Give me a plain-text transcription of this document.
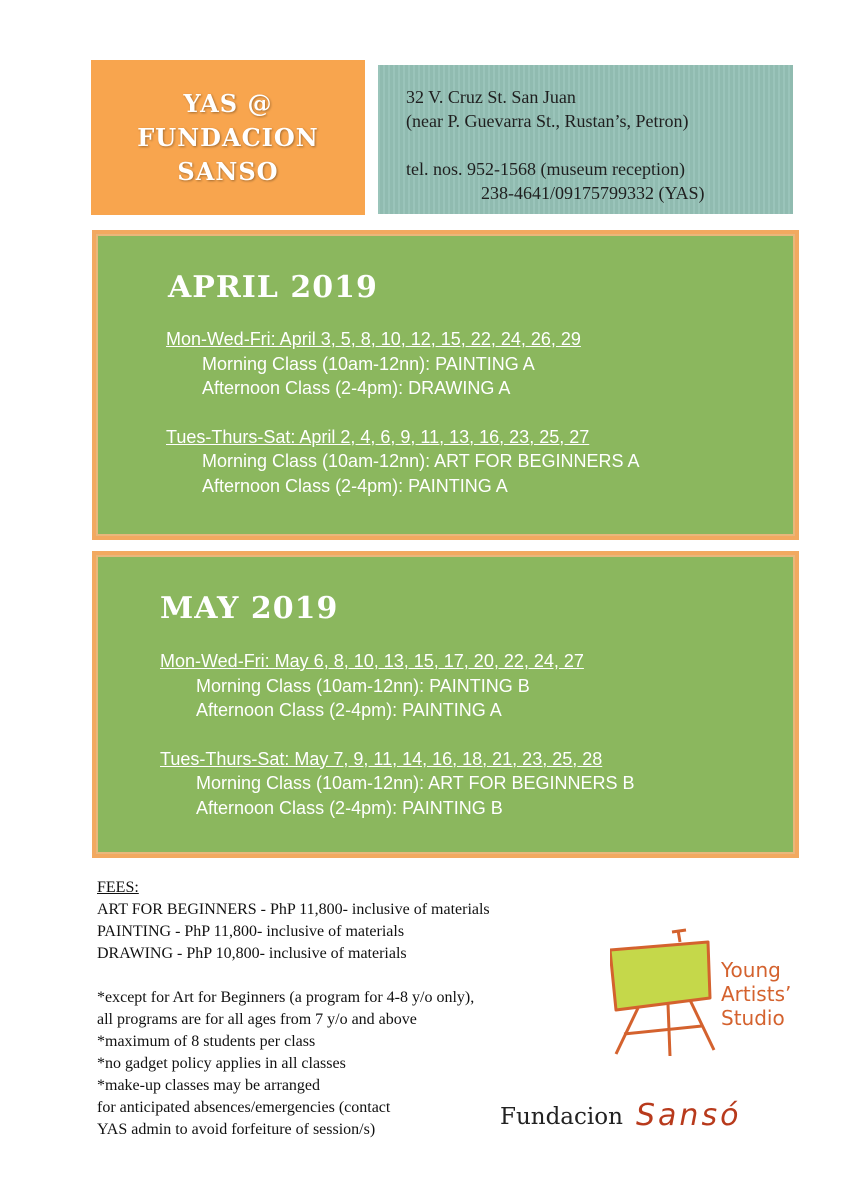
YAS @
FUNDACION
SANSO
32 V. Cruz St. San Juan
(near P. Guevarra St., Rustan’s, Petron)
tel. nos. 952-1568 (museum reception)
238-4641/09175799332 (YAS)
APRIL 2019
Mon-Wed-Fri: April 3, 5, 8, 10, 12, 15, 22, 24, 26, 29
Morning Class (10am-12nn): PAINTING A
Afternoon Class (2-4pm): DRAWING A
Tues-Thurs-Sat: April 2, 4, 6, 9, 11, 13, 16, 23, 25, 27
Morning Class (10am-12nn): ART FOR BEGINNERS A
Afternoon Class (2-4pm): PAINTING A
MAY 2019
Mon-Wed-Fri: May 6, 8, 10, 13, 15, 17, 20, 22, 24, 27
Morning Class (10am-12nn): PAINTING B
Afternoon Class (2-4pm): PAINTING A
Tues-Thurs-Sat: May 7, 9, 11, 14, 16, 18, 21, 23, 25, 28
Morning Class (10am-12nn): ART FOR BEGINNERS B
Afternoon Class (2-4pm): PAINTING B
FEES:
ART FOR BEGINNERS - PhP 11,800- inclusive of materials
PAINTING - PhP 11,800- inclusive of materials
DRAWING - PhP 10,800- inclusive of materials
*except for Art for Beginners (a program for 4-8 y/o only),
all programs are for all ages from 7 y/o and above
*maximum of 8 students per class
*no gadget policy applies in all classes
*make-up classes may be arranged
for anticipated absences/emergencies (contact
YAS admin to avoid forfeiture of session/s)
Young
Artists’
Studio
Fundacion Sansó
